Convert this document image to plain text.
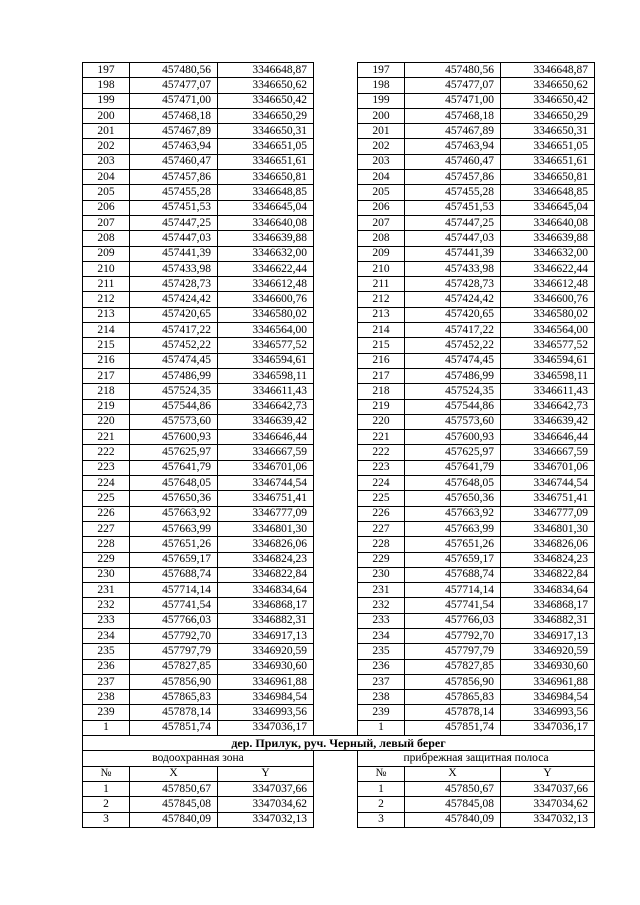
197	457480,56	3346648,87		197	457480,56	3346648,87
198	457477,07	3346650,62		198	457477,07	3346650,62
199	457471,00	3346650,42		199	457471,00	3346650,42
200	457468,18	3346650,29		200	457468,18	3346650,29
201	457467,89	3346650,31		201	457467,89	3346650,31
202	457463,94	3346651,05		202	457463,94	3346651,05
203	457460,47	3346651,61		203	457460,47	3346651,61
204	457457,86	3346650,81		204	457457,86	3346650,81
205	457455,28	3346648,85		205	457455,28	3346648,85
206	457451,53	3346645,04		206	457451,53	3346645,04
207	457447,25	3346640,08		207	457447,25	3346640,08
208	457447,03	3346639,88		208	457447,03	3346639,88
209	457441,39	3346632,00		209	457441,39	3346632,00
210	457433,98	3346622,44		210	457433,98	3346622,44
211	457428,73	3346612,48		211	457428,73	3346612,48
212	457424,42	3346600,76		212	457424,42	3346600,76
213	457420,65	3346580,02		213	457420,65	3346580,02
214	457417,22	3346564,00		214	457417,22	3346564,00
215	457452,22	3346577,52		215	457452,22	3346577,52
216	457474,45	3346594,61		216	457474,45	3346594,61
217	457486,99	3346598,11		217	457486,99	3346598,11
218	457524,35	3346611,43		218	457524,35	3346611,43
219	457544,86	3346642,73		219	457544,86	3346642,73
220	457573,60	3346639,42		220	457573,60	3346639,42
221	457600,93	3346646,44		221	457600,93	3346646,44
222	457625,97	3346667,59		222	457625,97	3346667,59
223	457641,79	3346701,06		223	457641,79	3346701,06
224	457648,05	3346744,54		224	457648,05	3346744,54
225	457650,36	3346751,41		225	457650,36	3346751,41
226	457663,92	3346777,09		226	457663,92	3346777,09
227	457663,99	3346801,30		227	457663,99	3346801,30
228	457651,26	3346826,06		228	457651,26	3346826,06
229	457659,17	3346824,23		229	457659,17	3346824,23
230	457688,74	3346822,84		230	457688,74	3346822,84
231	457714,14	3346834,64		231	457714,14	3346834,64
232	457741,54	3346868,17		232	457741,54	3346868,17
233	457766,03	3346882,31		233	457766,03	3346882,31
234	457792,70	3346917,13		234	457792,70	3346917,13
235	457797,79	3346920,59		235	457797,79	3346920,59
236	457827,85	3346930,60		236	457827,85	3346930,60
237	457856,90	3346961,88		237	457856,90	3346961,88
238	457865,83	3346984,54		238	457865,83	3346984,54
239	457878,14	3346993,56		239	457878,14	3346993,56
1	457851,74	3347036,17		1	457851,74	3347036,17
дер. Прилук, руч. Черный, левый берег						
водоохранная зона				прибрежная защитная полоса		
№	X	Y		№	X	Y
1	457850,67	3347037,66		1	457850,67	3347037,66
2	457845,08	3347034,62		2	457845,08	3347034,62
3	457840,09	3347032,13		3	457840,09	3347032,13
